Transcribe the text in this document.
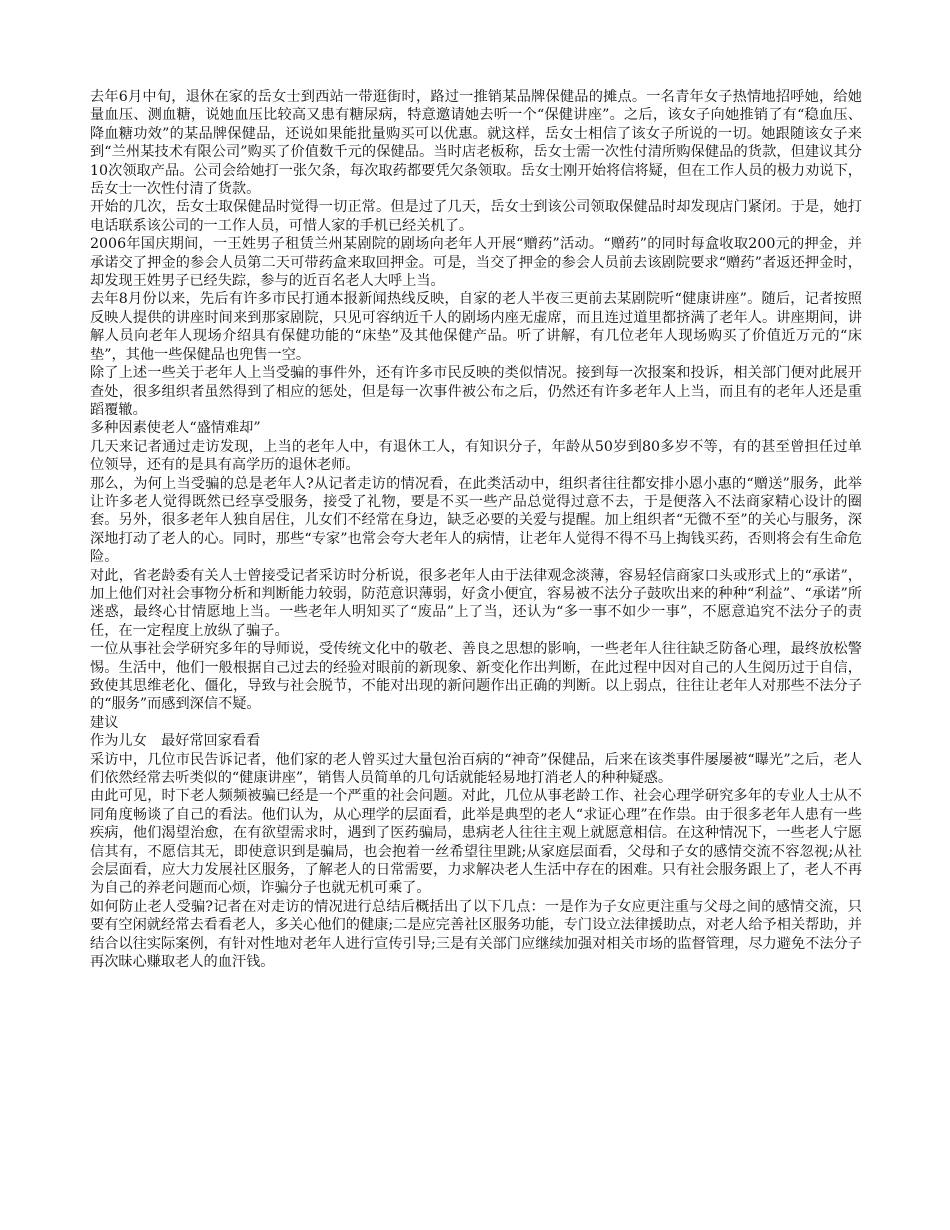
去年6月中旬，退休在家的岳女士到西站一带逛街时，路过一推销某品牌保健品的摊点。一名青年女子热情地招呼她，给她量血压、测血糖，说她血压比较高又患有糖尿病，特意邀请她去听一个“保健讲座”。之后，该女子向她推销了有“稳血压、降血糖功效”的某品牌保健品，还说如果能批量购买可以优惠。就这样，岳女士相信了该女子所说的一切。她跟随该女子来到“兰州某技术有限公司”购买了价值数千元的保健品。当时店老板称，岳女士需一次性付清所购保健品的货款，但建议其分10次领取产品。公司会给她打一张欠条，每次取药都要凭欠条领取。岳女士刚开始将信将疑，但在工作人员的极力劝说下，岳女士一次性付清了货款。

开始的几次，岳女士取保健品时觉得一切正常。但是过了几天，岳女士到该公司领取保健品时却发现店门紧闭。于是，她打电话联系该公司的一工作人员，可惜人家的手机已经关机了。

2006年国庆期间，一王姓男子租赁兰州某剧院的剧场向老年人开展“赠药”活动。“赠药”的同时每盒收取200元的押金，并承诺交了押金的参会人员第二天可带药盒来取回押金。可是，当交了押金的参会人员前去该剧院要求“赠药”者返还押金时，却发现王姓男子已经失踪，参与的近百名老人大呼上当。

去年8月份以来，先后有许多市民打通本报新闻热线反映，自家的老人半夜三更前去某剧院听“健康讲座”。随后，记者按照反映人提供的讲座时间来到那家剧院，只见可容纳近千人的剧场内座无虚席，而且连过道里都挤满了老年人。讲座期间，讲解人员向老年人现场介绍具有保健功能的“床垫”及其他保健产品。听了讲解，有几位老年人现场购买了价值近万元的“床垫”，其他一些保健品也兜售一空。

除了上述一些关于老年人上当受骗的事件外，还有许多市民反映的类似情况。接到每一次报案和投诉，相关部门便对此展开查处，很多组织者虽然得到了相应的惩处，但是每一次事件被公布之后，仍然还有许多老年人上当，而且有的老年人还是重蹈覆辙。

多种因素使老人“盛情难却”

几天来记者通过走访发现，上当的老年人中，有退休工人，有知识分子，年龄从50岁到80多岁不等，有的甚至曾担任过单位领导，还有的是具有高学历的退休老师。

那么，为何上当受骗的总是老年人?从记者走访的情况看，在此类活动中，组织者往往都安排小恩小惠的“赠送”服务，此举让许多老人觉得既然已经享受服务，接受了礼物，要是不买一些产品总觉得过意不去，于是便落入不法商家精心设计的圈套。另外，很多老年人独自居住，儿女们不经常在身边，缺乏必要的关爱与提醒。加上组织者“无微不至”的关心与服务，深深地打动了老人的心。同时，那些“专家”也常会夸大老年人的病情，让老年人觉得不得不马上掏钱买药，否则将会有生命危险。

对此，省老龄委有关人士曾接受记者采访时分析说，很多老年人由于法律观念淡薄，容易轻信商家口头或形式上的“承诺”，加上他们对社会事物分析和判断能力较弱，防范意识薄弱，好贪小便宜，容易被不法分子鼓吹出来的种种“利益”、“承诺”所迷惑，最终心甘情愿地上当。一些老年人明知买了“废品”上了当，还认为“多一事不如少一事”，不愿意追究不法分子的责任，在一定程度上放纵了骗子。

一位从事社会学研究多年的导师说，受传统文化中的敬老、善良之思想的影响，一些老年人往往缺乏防备心理，最终放松警惕。生活中，他们一般根据自己过去的经验对眼前的新现象、新变化作出判断，在此过程中因对自己的人生阅历过于自信，致使其思维老化、僵化，导致与社会脱节，不能对出现的新问题作出正确的判断。以上弱点，往往让老年人对那些不法分子的“服务”而感到深信不疑。

建议

作为儿女　最好常回家看看

采访中，几位市民告诉记者，他们家的老人曾买过大量包治百病的“神奇”保健品，后来在该类事件屡屡被“曝光”之后，老人们依然经常去听类似的“健康讲座”，销售人员简单的几句话就能轻易地打消老人的种种疑惑。

由此可见，时下老人频频被骗已经是一个严重的社会问题。对此，几位从事老龄工作、社会心理学研究多年的专业人士从不同角度畅谈了自己的看法。他们认为，从心理学的层面看，此举是典型的老人“求证心理”在作祟。由于很多老年人患有一些疾病，他们渴望治愈，在有欲望需求时，遇到了医药骗局，患病老人往往主观上就愿意相信。在这种情况下，一些老人宁愿信其有，不愿信其无，即使意识到是骗局，也会抱着一丝希望往里跳;从家庭层面看，父母和子女的感情交流不容忽视;从社会层面看，应大力发展社区服务，了解老人的日常需要，力求解决老人生活中存在的困难。只有社会服务跟上了，老人不再为自己的养老问题而心烦，诈骗分子也就无机可乘了。

如何防止老人受骗?记者在对走访的情况进行总结后概括出了以下几点：一是作为子女应更注重与父母之间的感情交流，只要有空闲就经常去看看老人，多关心他们的健康;二是应完善社区服务功能，专门设立法律援助点，对老人给予相关帮助，并结合以往实际案例，有针对性地对老年人进行宣传引导;三是有关部门应继续加强对相关市场的监督管理，尽力避免不法分子再次昧心赚取老人的血汗钱。
